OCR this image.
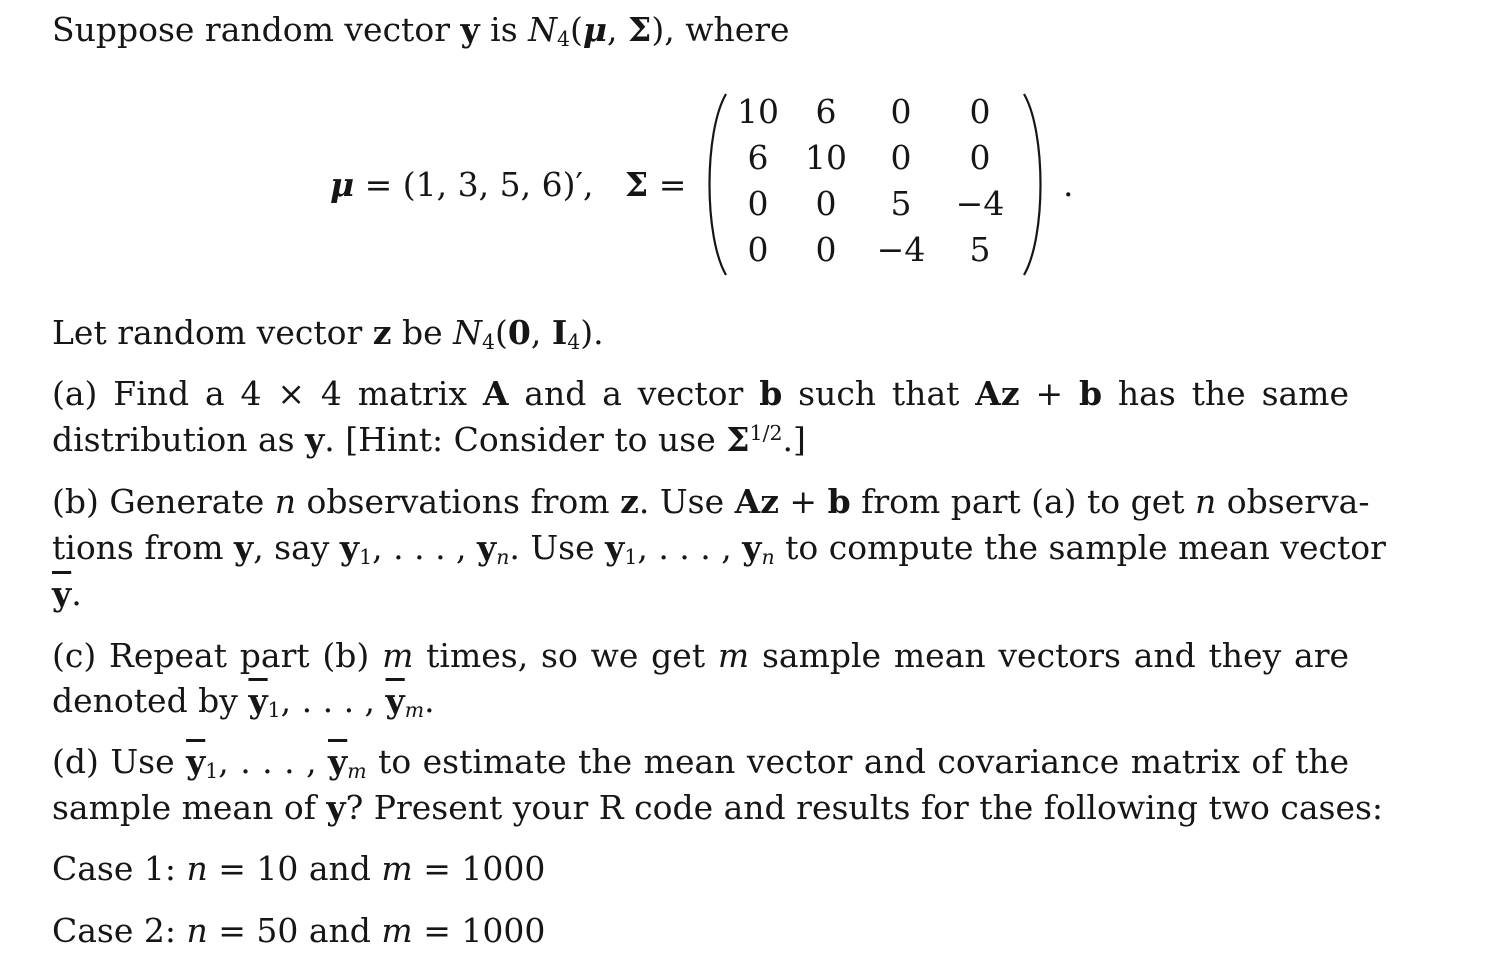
Suppose random vector y is $N_4(\mu$, Σ), where
μ = (1, 3, 5, 6)′,   Σ =
10	6	0	0
6	10	0	0
0	0	5	−4
0	0	−4	5
.
Let random vector z be $N_4(0$, $I_4$).
(a) Find a 4 × 4 matrix A and a vector b such that Az + b has the same
distribution as y. [Hint: Consider to use $\Sigma^{1/2}$.]
(b) Generate n observations from z. Use Az + b from part (a) to get n observa-
tions from y, say $y_1$, . . . , $y_n$. Use $y_1$, . . . , $y_n$ to compute the sample mean vector
$\overline{y}$.
(c) Repeat part (b) m times, so we get m sample mean vectors and they are
denoted by $\overline{y}_1$, . . . , $\overline{y}_m$.
(d) Use $\overline{y}_1$, . . . , $\overline{y}_m$ to estimate the mean vector and covariance matrix of the
sample mean of y? Present your R code and results for the following two cases:
Case 1: n = 10 and m = 1000
Case 2: n = 50 and m = 1000
